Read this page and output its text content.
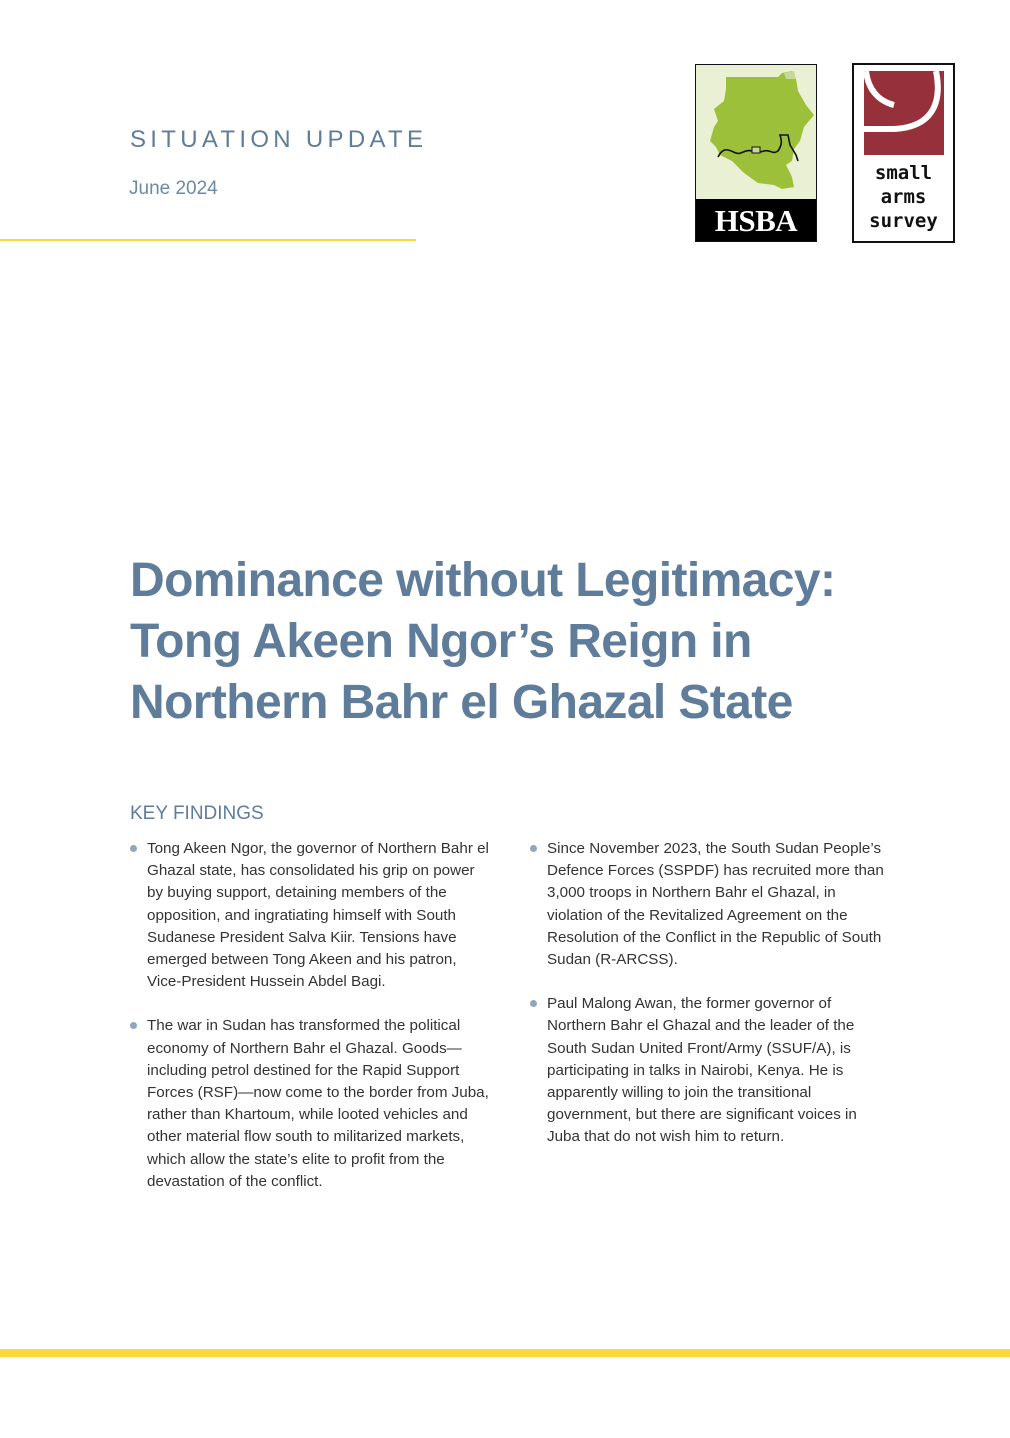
SITUATION UPDATE
June 2024
HSBA
small
arms
survey
Dominance without Legitimacy:
Tong Akeen Ngor’s Reign in
Northern Bahr el Ghazal State
KEY FINDINGS
Tong Akeen Ngor, the governor of Northern Bahr el Ghazal state, has consolidated his grip on power by buying support, detaining members of the opposition, and ingratiating himself with South Sudanese President Salva Kiir. Tensions have emerged between Tong Akeen and his patron, Vice-President Hussein Abdel Bagi.
The war in Sudan has transformed the political economy of Northern Bahr el Ghazal. Goods—including petrol destined for the Rapid Support Forces (RSF)—now come to the border from Juba, rather than Khartoum, while looted vehicles and other material flow south to militarized markets, which allow the state’s elite to profit from the devastation of the conflict.
Since November 2023, the South Sudan People’s Defence Forces (SSPDF) has recruited more than 3,000 troops in Northern Bahr el Ghazal, in violation of the Revitalized Agreement on the Resolution of the Conflict in the Republic of South Sudan (R-ARCSS).
Paul Malong Awan, the former governor of Northern Bahr el Ghazal and the leader of the South Sudan United Front/Army (SSUF/A), is participating in talks in Nairobi, Kenya. He is apparently willing to join the transitional government, but there are significant voices in Juba that do not wish him to return.
